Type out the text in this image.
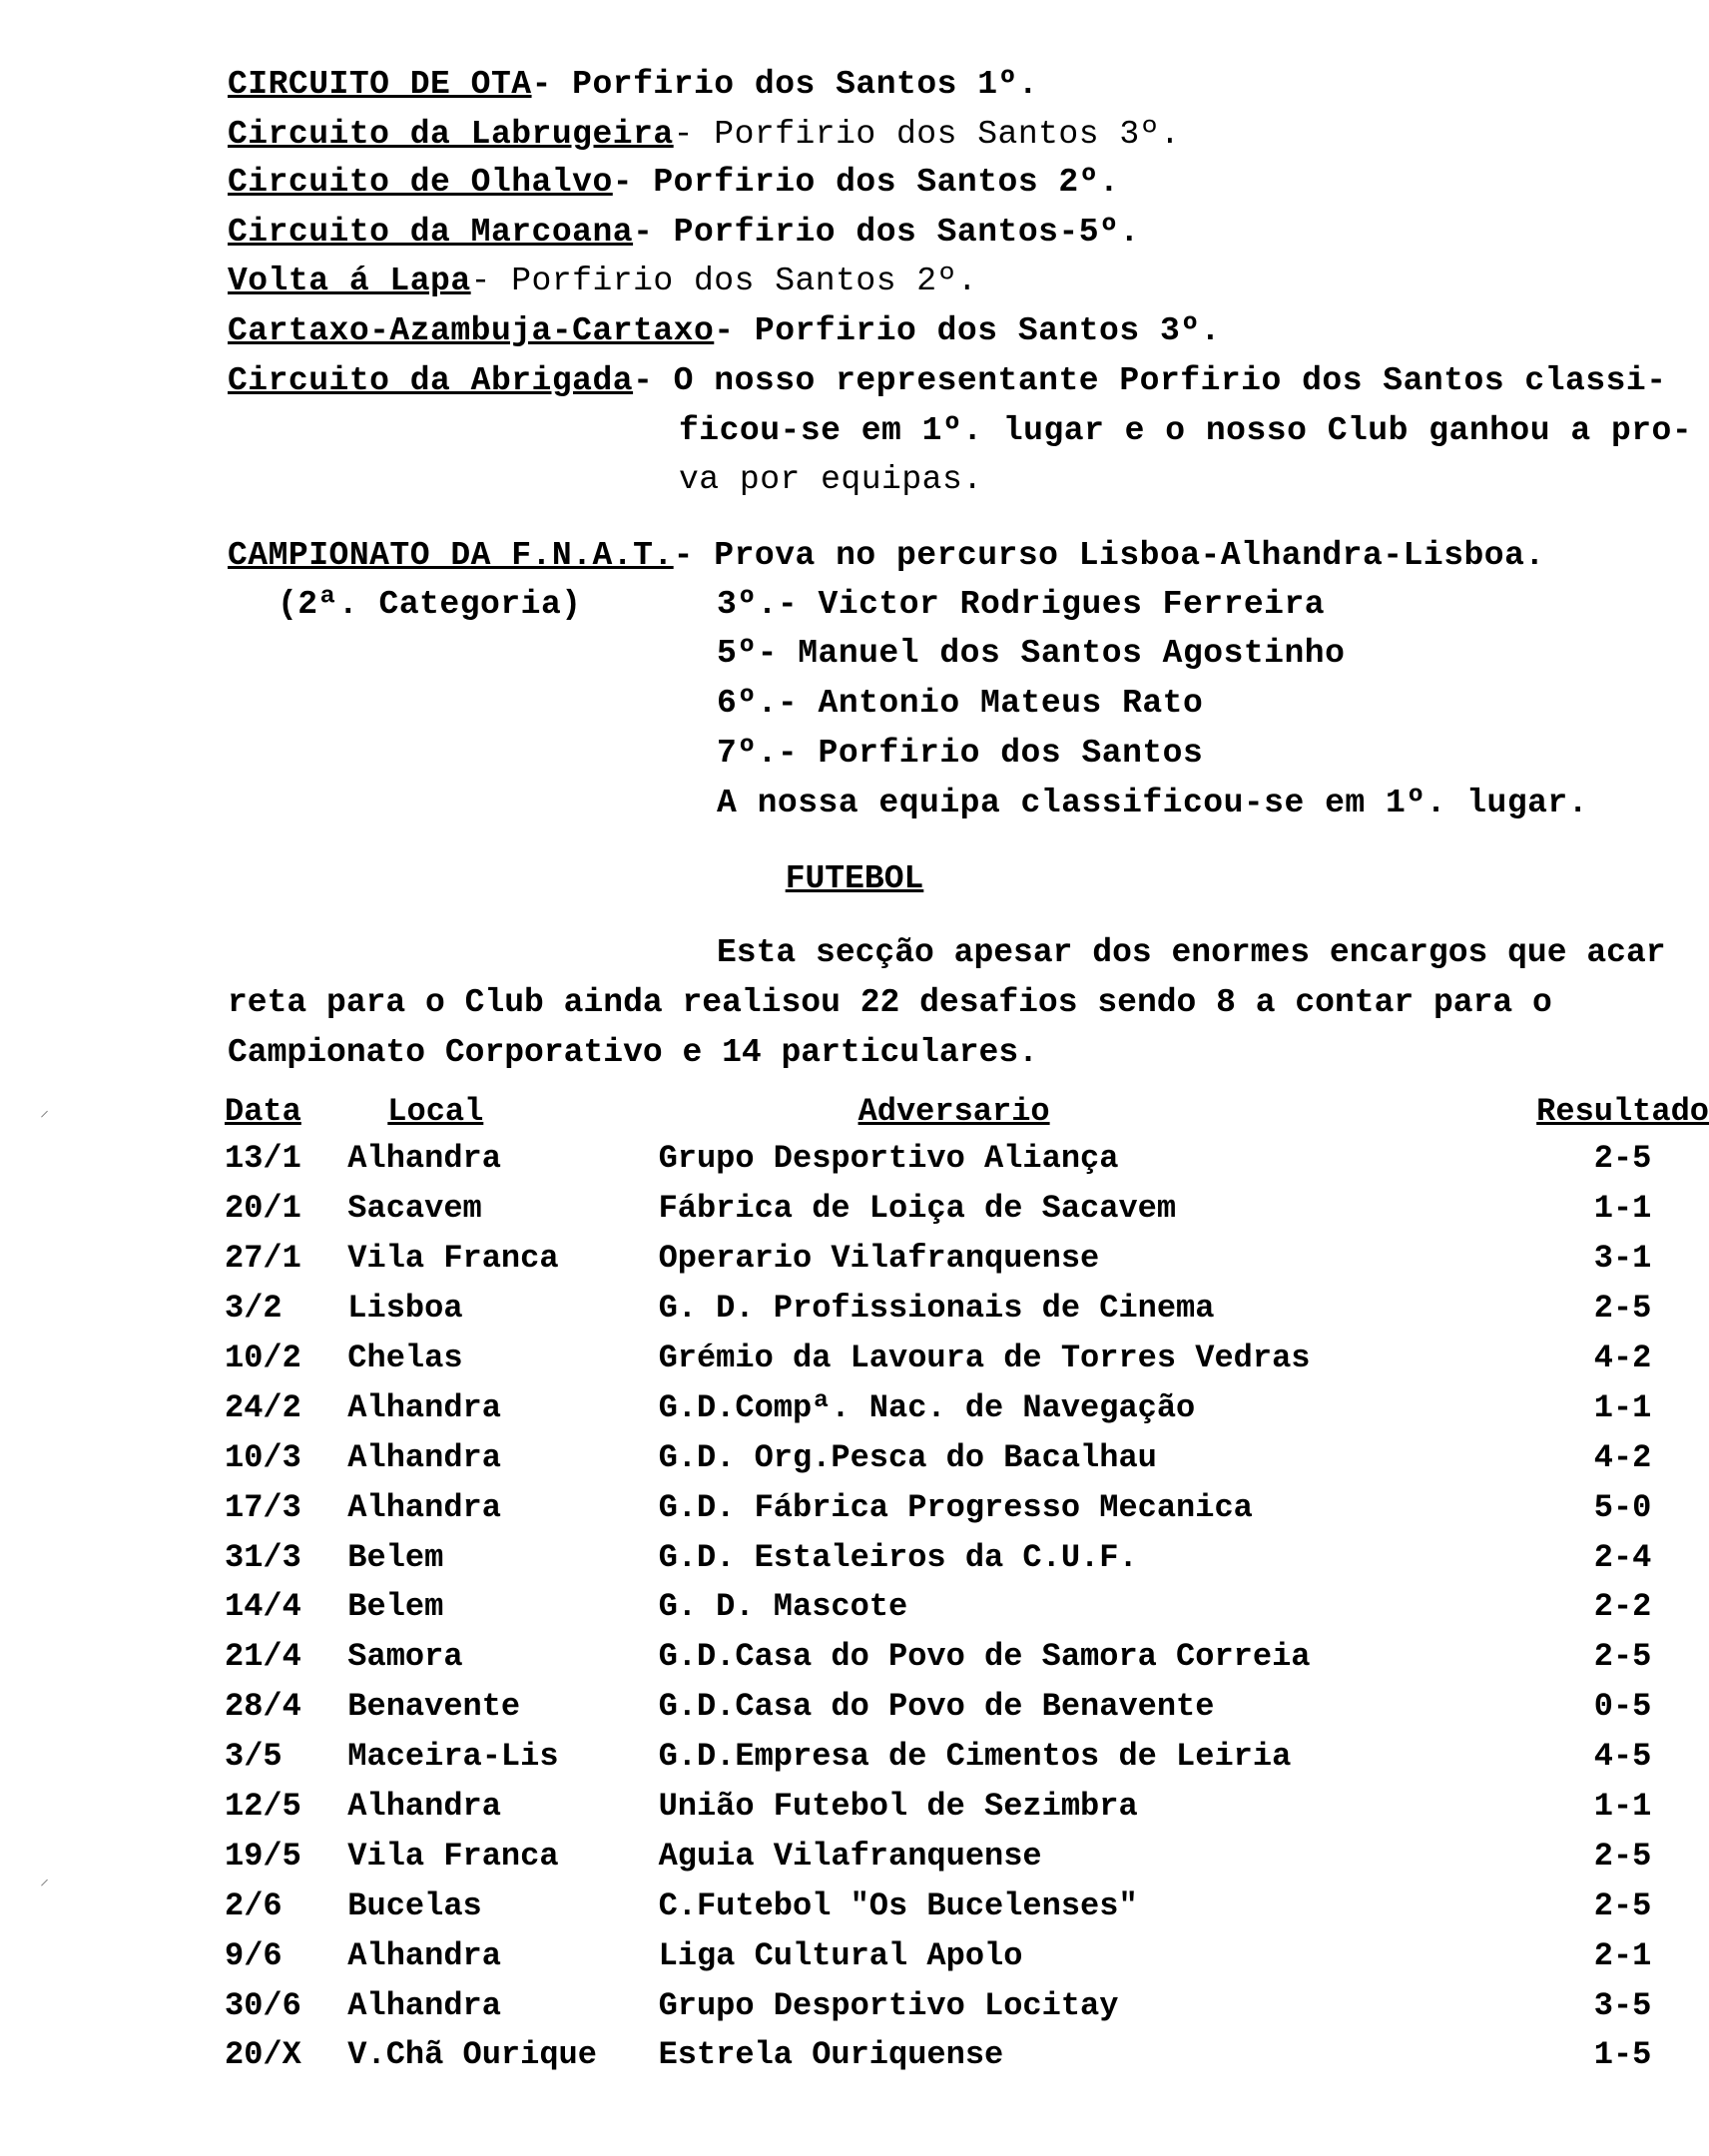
CIRCUITO DE OTA- Porfirio dos Santos 1º.
Circuito da Labrugeira- Porfirio dos Santos 3º.
Circuito de Olhalvo- Porfirio dos Santos 2º.
Circuito da Marcoana- Porfirio dos Santos-5º.
Volta á Lapa- Porfirio dos Santos 2º.
Cartaxo-Azambuja-Cartaxo- Porfirio dos Santos 3º.
Circuito da Abrigada- O nosso representante Porfirio dos Santos classi-
ficou-se em 1º. lugar e o nosso Club ganhou a pro-
va por equipas.
CAMPIONATO DA F.N.A.T.- Prova no percurso Lisboa-Alhandra-Lisboa.
(2ª. Categoria)	3º.- Victor Rodrigues Ferreira
5º- Manuel dos Santos Agostinho
6º.- Antonio Mateus Rato
7º.- Porfirio dos Santos
A nossa equipa classificou-se em 1º. lugar.
FUTEBOL
Esta secção apesar dos enormes encargos que acar
reta para o Club ainda realisou 22 desafios sendo 8 a contar para o
Campionato Corporativo e 14 particulares.
Data	Local	Adversario	Resultado
13/1	Alhandra	Grupo Desportivo Aliança	2-5
20/1	Sacavem	Fábrica de Loiça de Sacavem	1-1
27/1	Vila Franca	Operario Vilafranquense	3-1
3/2	Lisboa	G. D. Profissionais de Cinema	2-5
10/2	Chelas	Grémio da Lavoura de Torres Vedras	4-2
24/2	Alhandra	G.D.Compª. Nac. de Navegação	1-1
10/3	Alhandra	G.D. Org.Pesca do Bacalhau	4-2
17/3	Alhandra	G.D. Fábrica Progresso Mecanica	5-0
31/3	Belem	G.D. Estaleiros da C.U.F.	2-4
14/4	Belem	G. D. Mascote	2-2
21/4	Samora	G.D.Casa do Povo de Samora Correia	2-5
28/4	Benavente	G.D.Casa do Povo de Benavente	0-5
3/5	Maceira-Lis	G.D.Empresa de Cimentos de Leiria	4-5
12/5	Alhandra	União Futebol de Sezimbra	1-1
19/5	Vila Franca	Aguia Vilafranquense	2-5
2/6	Bucelas	C.Futebol "Os Bucelenses"	2-5
9/6	Alhandra	Liga Cultural Apolo	2-1
30/6	Alhandra	Grupo Desportivo Locitay	3-5
20/X	V.Chã Ourique	Estrela Ouriquense	1-5
⸝
⸝
